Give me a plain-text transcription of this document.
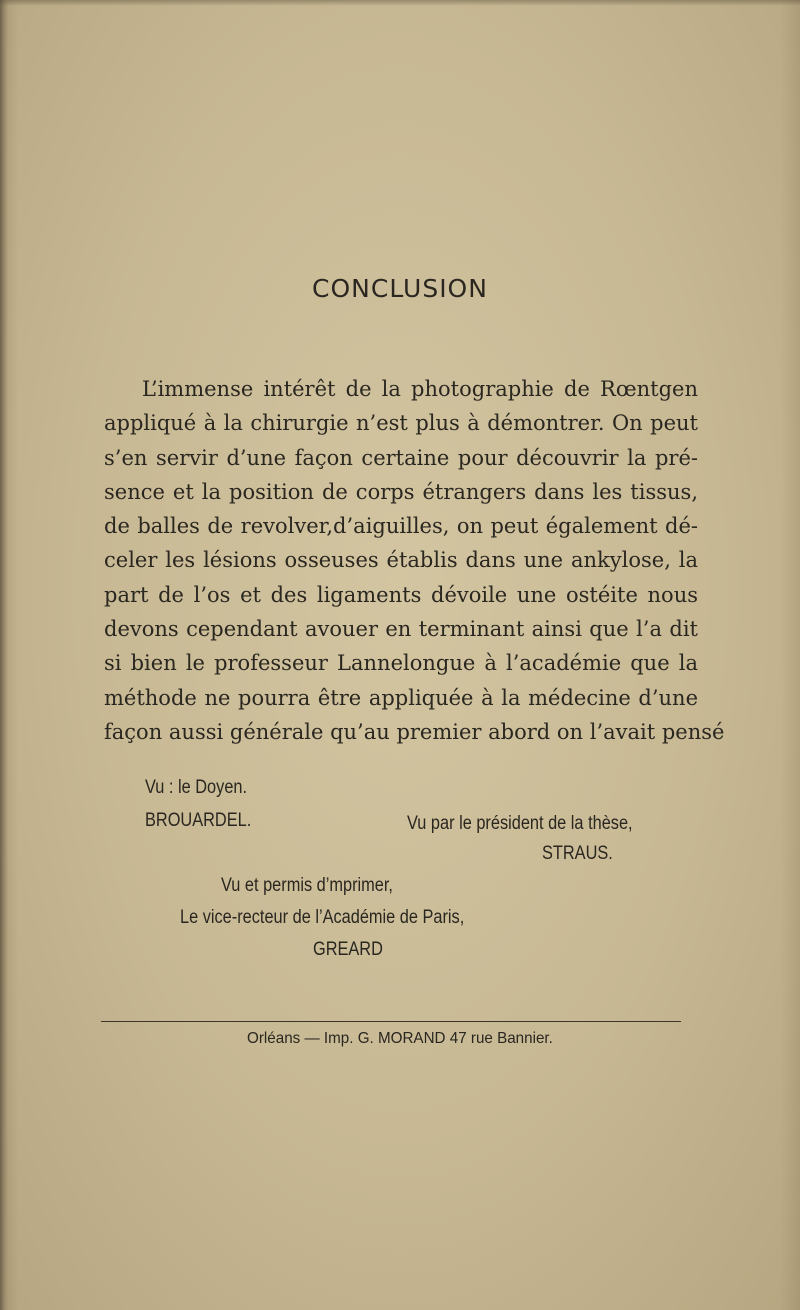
CONCLUSION
L’immense intérêt de la photographie de Rœntgen
appliqué à la chirurgie n’est plus à démontrer. On peut
s’en servir d’une façon certaine pour découvrir la pré-
sence et la position de corps étrangers dans les tissus,
de balles de revolver,d’aiguilles, on peut également dé-
celer les lésions osseuses établis dans une ankylose, la
part de l’os et des ligaments dévoile une ostéite nous
devons cependant avouer en terminant ainsi que l’a dit
si bien le professeur Lannelongue à l’académie que la
méthode ne pourra être appliquée à la médecine d’une
façon aussi générale qu’au premier abord on l’avait pensé
Vu : le Doyen.
BROUARDEL.	Vu par le président de la thèse,
STRAUS.
Vu et permis d’mprimer,
Le vice-recteur de l’Académie de Paris,
GREARD
Orléans — Imp. G. MORAND 47 rue Bannier.
